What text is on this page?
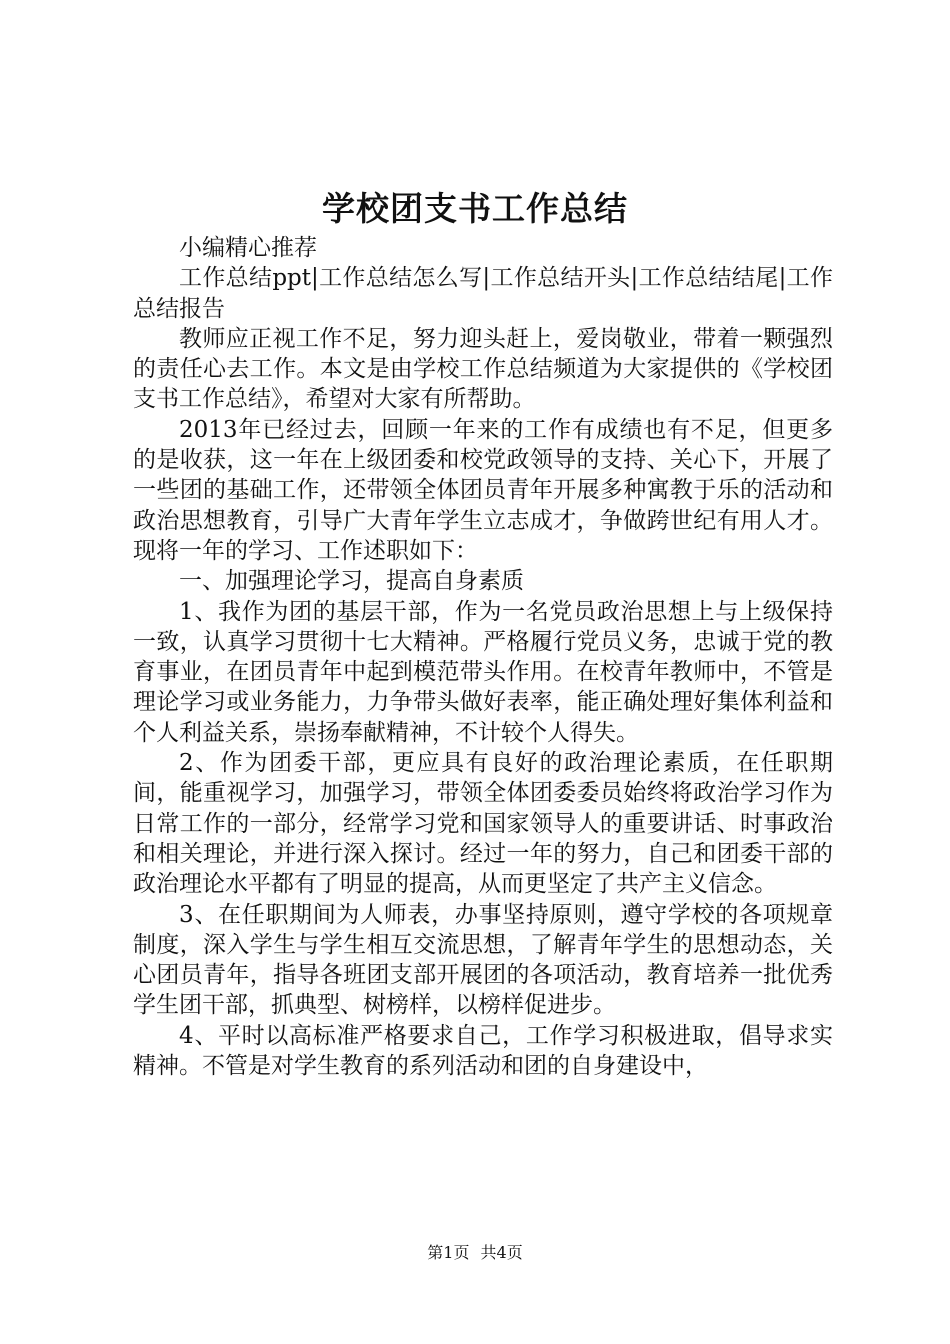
学校团支书工作总结

小编精心推荐

工作总结ppt|工作总结怎么写|工作总结开头|工作总结结尾|工作总结报告

教师应正视工作不足，努力迎头赶上，爱岗敬业，带着一颗强烈的责任心去工作。本文是由学校工作总结频道为大家提供的《学校团支书工作总结》，希望对大家有所帮助。

2013年已经过去，回顾一年来的工作有成绩也有不足，但更多的是收获，这一年在上级团委和校党政领导的支持、关心下，开展了一些团的基础工作，还带领全体团员青年开展多种寓教于乐的活动和政治思想教育，引导广大青年学生立志成才，争做跨世纪有用人才。现将一年的学习、工作述职如下：

一、加强理论学习，提高自身素质

1、我作为团的基层干部，作为一名党员政治思想上与上级保持一致，认真学习贯彻十七大精神。严格履行党员义务，忠诚于党的教育事业，在团员青年中起到模范带头作用。在校青年教师中，不管是理论学习或业务能力，力争带头做好表率，能正确处理好集体利益和个人利益关系，崇扬奉献精神，不计较个人得失。

2、作为团委干部，更应具有良好的政治理论素质，在任职期间，能重视学习，加强学习，带领全体团委委员始终将政治学习作为日常工作的一部分，经常学习党和国家领导人的重要讲话、时事政治和相关理论，并进行深入探讨。经过一年的努力，自己和团委干部的政治理论水平都有了明显的提高，从而更坚定了共产主义信念。

3、在任职期间为人师表，办事坚持原则，遵守学校的各项规章制度，深入学生与学生相互交流思想，了解青年学生的思想动态，关心团员青年，指导各班团支部开展团的各项活动，教育培养一批优秀学生团干部，抓典型、树榜样，以榜样促进步。

4、平时以高标准严格要求自己，工作学习积极进取，倡导求实精神。不管是对学生教育的系列活动和团的自身建设中，

第1页 共4页
